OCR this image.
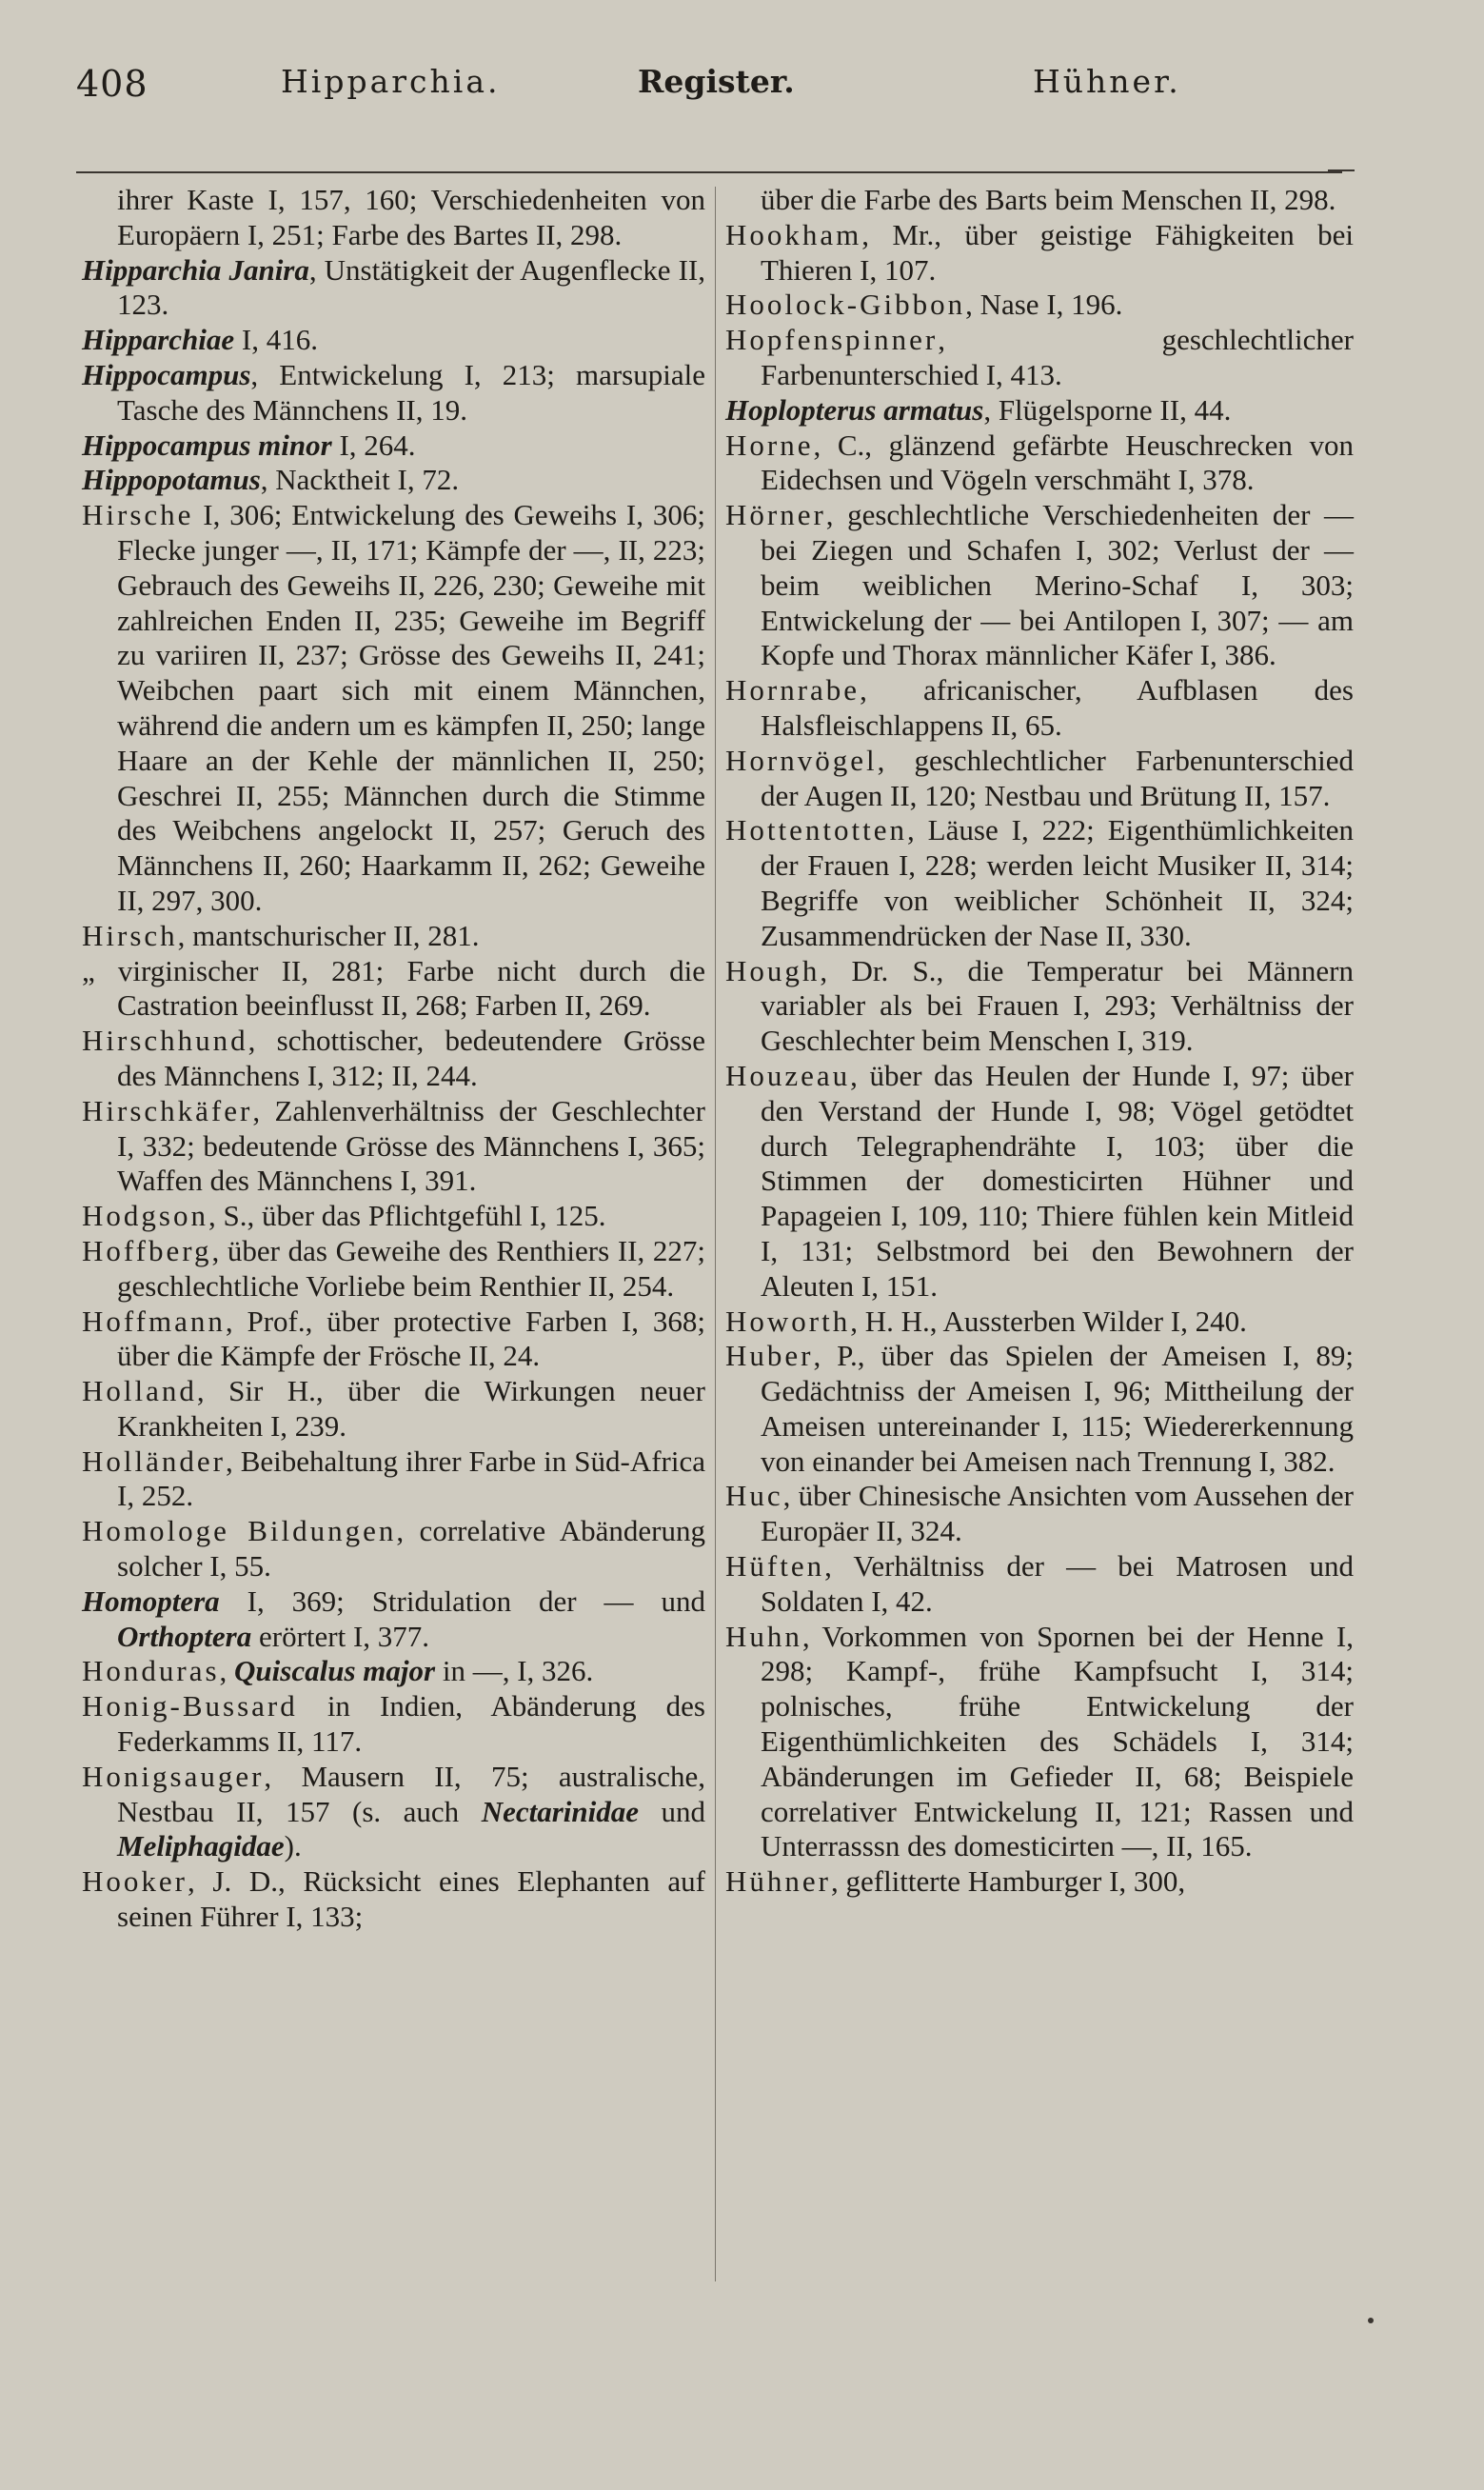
408	Hipparchia.	Register.	Hühner.

ihrer Kaste I, 157, 160; Verschiedenheiten von Europäern I, 251; Farbe des Bartes II, 298.

Hipparchia Janira, Unstätigkeit der Augenflecke II, 123.

Hipparchiae I, 416.

Hippocampus, Entwickelung I, 213; marsupiale Tasche des Männchens II, 19.

Hippocampus minor I, 264.

Hippopotamus, Nacktheit I, 72.

Hirsche I, 306; Entwickelung des Geweihs I, 306; Flecke junger —, II, 171; Kämpfe der —, II, 223; Gebrauch des Geweihs II, 226, 230; Geweihe mit zahlreichen Enden II, 235; Geweihe im Begriff zu variiren II, 237; Grösse des Geweihs II, 241; Weibchen paart sich mit einem Männchen, während die andern um es kämpfen II, 250; lange Haare an der Kehle der männlichen II, 250; Geschrei II, 255; Männchen durch die Stimme des Weibchens angelockt II, 257; Geruch des Männchens II, 260; Haarkamm II, 262; Geweihe II, 297, 300.

Hirsch, mantschurischer II, 281.

„ virginischer II, 281; Farbe nicht durch die Castration beeinflusst II, 268; Farben II, 269.

Hirschhund, schottischer, bedeutendere Grösse des Männchens I, 312; II, 244.

Hirschkäfer, Zahlenverhältniss der Geschlechter I, 332; bedeutende Grösse des Männchens I, 365; Waffen des Männchens I, 391.

Hodgson, S., über das Pflichtgefühl I, 125.

Hoffberg, über das Geweihe des Renthiers II, 227; geschlechtliche Vorliebe beim Renthier II, 254.

Hoffmann, Prof., über protective Farben I, 368; über die Kämpfe der Frösche II, 24.

Holland, Sir H., über die Wirkungen neuer Krankheiten I, 239.

Holländer, Beibehaltung ihrer Farbe in Süd-Africa I, 252.

Homologe Bildungen, correlative Abänderung solcher I, 55.

Homoptera I, 369; Stridulation der — und Orthoptera erörtert I, 377.

Honduras, Quiscalus major in —, I, 326.

Honig-Bussard in Indien, Abänderung des Federkamms II, 117.

Honigsauger, Mausern II, 75; australische, Nestbau II, 157 (s. auch Nectarinidae und Meliphagidae).

Hooker, J. D., Rücksicht eines Elephanten auf seinen Führer I, 133;

über die Farbe des Barts beim Menschen II, 298.

Hookham, Mr., über geistige Fähigkeiten bei Thieren I, 107.

Hoolock-Gibbon, Nase I, 196.

Hopfenspinner, geschlechtlicher Farbenunterschied I, 413.

Hoplopterus armatus, Flügelsporne II, 44.

Horne, C., glänzend gefärbte Heuschrecken von Eidechsen und Vögeln verschmäht I, 378.

Hörner, geschlechtliche Verschiedenheiten der — bei Ziegen und Schafen I, 302; Verlust der — beim weiblichen Merino-Schaf I, 303; Entwickelung der — bei Antilopen I, 307; — am Kopfe und Thorax männlicher Käfer I, 386.

Hornrabe, africanischer, Aufblasen des Halsfleischlappens II, 65.

Hornvögel, geschlechtlicher Farbenunterschied der Augen II, 120; Nestbau und Brütung II, 157.

Hottentotten, Läuse I, 222; Eigenthümlichkeiten der Frauen I, 228; werden leicht Musiker II, 314; Begriffe von weiblicher Schönheit II, 324; Zusammendrücken der Nase II, 330.

Hough, Dr. S., die Temperatur bei Männern variabler als bei Frauen I, 293; Verhältniss der Geschlechter beim Menschen I, 319.

Houzeau, über das Heulen der Hunde I, 97; über den Verstand der Hunde I, 98; Vögel getödtet durch Telegraphendrähte I, 103; über die Stimmen der domesticirten Hühner und Papageien I, 109, 110; Thiere fühlen kein Mitleid I, 131; Selbstmord bei den Bewohnern der Aleuten I, 151.

Howorth, H. H., Aussterben Wilder I, 240.

Huber, P., über das Spielen der Ameisen I, 89; Gedächtniss der Ameisen I, 96; Mittheilung der Ameisen untereinander I, 115; Wiedererkennung von einander bei Ameisen nach Trennung I, 382.

Huc, über Chinesische Ansichten vom Aussehen der Europäer II, 324.

Hüften, Verhältniss der — bei Matrosen und Soldaten I, 42.

Huhn, Vorkommen von Spornen bei der Henne I, 298; Kampf-, frühe Kampfsucht I, 314; polnisches, frühe Entwickelung der Eigenthümlichkeiten des Schädels I, 314; Abänderungen im Gefieder II, 68; Beispiele correlativer Entwickelung II, 121; Rassen und Unterrasssn des domesticirten —, II, 165.

Hühner, geflitterte Hamburger I, 300,
